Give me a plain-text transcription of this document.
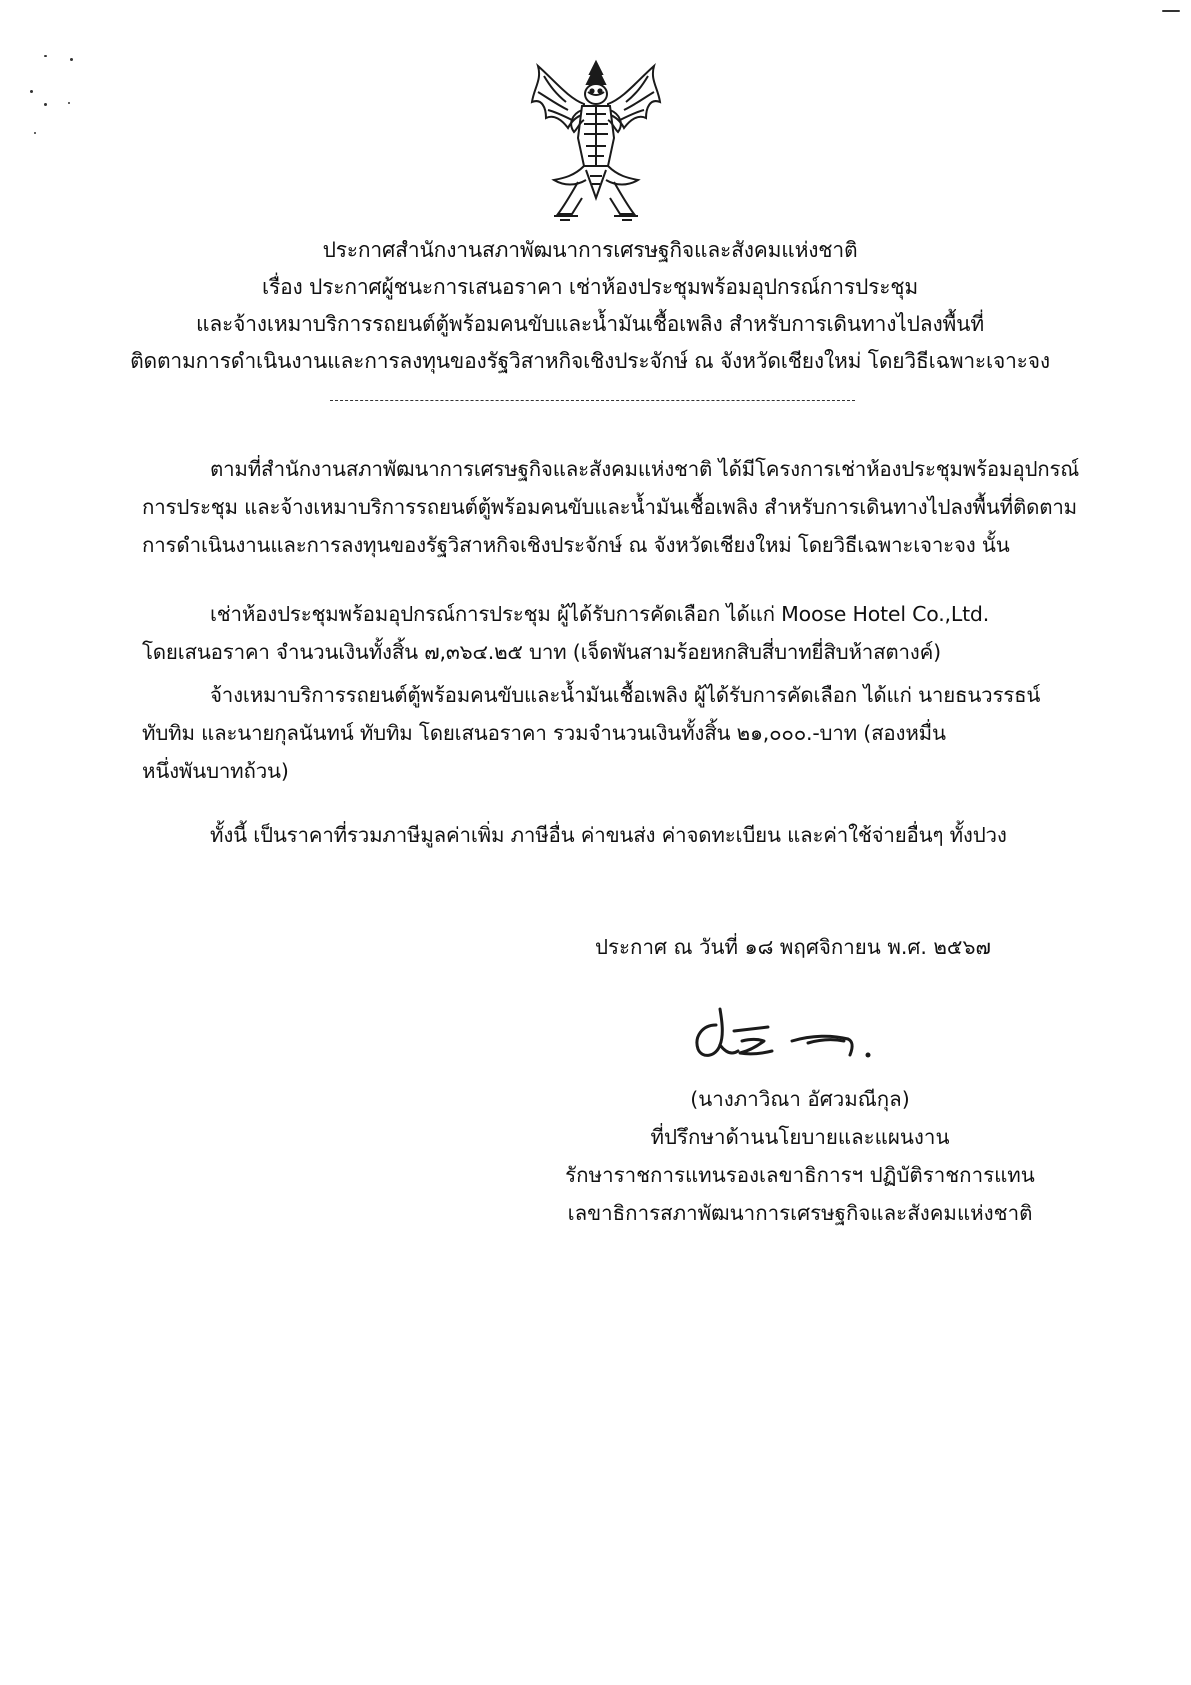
ประกาศสำนักงานสภาพัฒนาการเศรษฐกิจและสังคมแห่งชาติ
เรื่อง ประกาศผู้ชนะการเสนอราคา เช่าห้องประชุมพร้อมอุปกรณ์การประชุม
และจ้างเหมาบริการรถยนต์ตู้พร้อมคนขับและน้ำมันเชื้อเพลิง สำหรับการเดินทางไปลงพื้นที่
ติดตามการดำเนินงานและการลงทุนของรัฐวิสาหกิจเชิงประจักษ์ ณ จังหวัดเชียงใหม่ โดยวิธีเฉพาะเจาะจง
ตามที่สำนักงานสภาพัฒนาการเศรษฐกิจและสังคมแห่งชาติ ได้มีโครงการเช่าห้องประชุมพร้อมอุปกรณ์
การประชุม และจ้างเหมาบริการรถยนต์ตู้พร้อมคนขับและน้ำมันเชื้อเพลิง สำหรับการเดินทางไปลงพื้นที่ติดตาม
การดำเนินงานและการลงทุนของรัฐวิสาหกิจเชิงประจักษ์ ณ จังหวัดเชียงใหม่ โดยวิธีเฉพาะเจาะจง นั้น
เช่าห้องประชุมพร้อมอุปกรณ์การประชุม ผู้ได้รับการคัดเลือก ได้แก่ Moose Hotel Co.,Ltd.
โดยเสนอราคา จำนวนเงินทั้งสิ้น ๗,๓๖๔.๒๕ บาท (เจ็ดพันสามร้อยหกสิบสี่บาทยี่สิบห้าสตางค์)
จ้างเหมาบริการรถยนต์ตู้พร้อมคนขับและน้ำมันเชื้อเพลิง ผู้ได้รับการคัดเลือก ได้แก่ นายธนวรรธน์
ทับทิม และนายกุลนันทน์ ทับทิม โดยเสนอราคา รวมจำนวนเงินทั้งสิ้น ๒๑,๐๐๐.-บาท (สองหมื่น
หนึ่งพันบาทถ้วน)
ทั้งนี้ เป็นราคาที่รวมภาษีมูลค่าเพิ่ม ภาษีอื่น ค่าขนส่ง ค่าจดทะเบียน และค่าใช้จ่ายอื่นๆ ทั้งปวง
ประกาศ ณ วันที่ ๑๘ พฤศจิกายน พ.ศ. ๒๕๖๗
(นางภาวิณา อัศวมณีกุล)
ที่ปรึกษาด้านนโยบายและแผนงาน
รักษาราชการแทนรองเลขาธิการฯ ปฏิบัติราชการแทน
เลขาธิการสภาพัฒนาการเศรษฐกิจและสังคมแห่งชาติ
